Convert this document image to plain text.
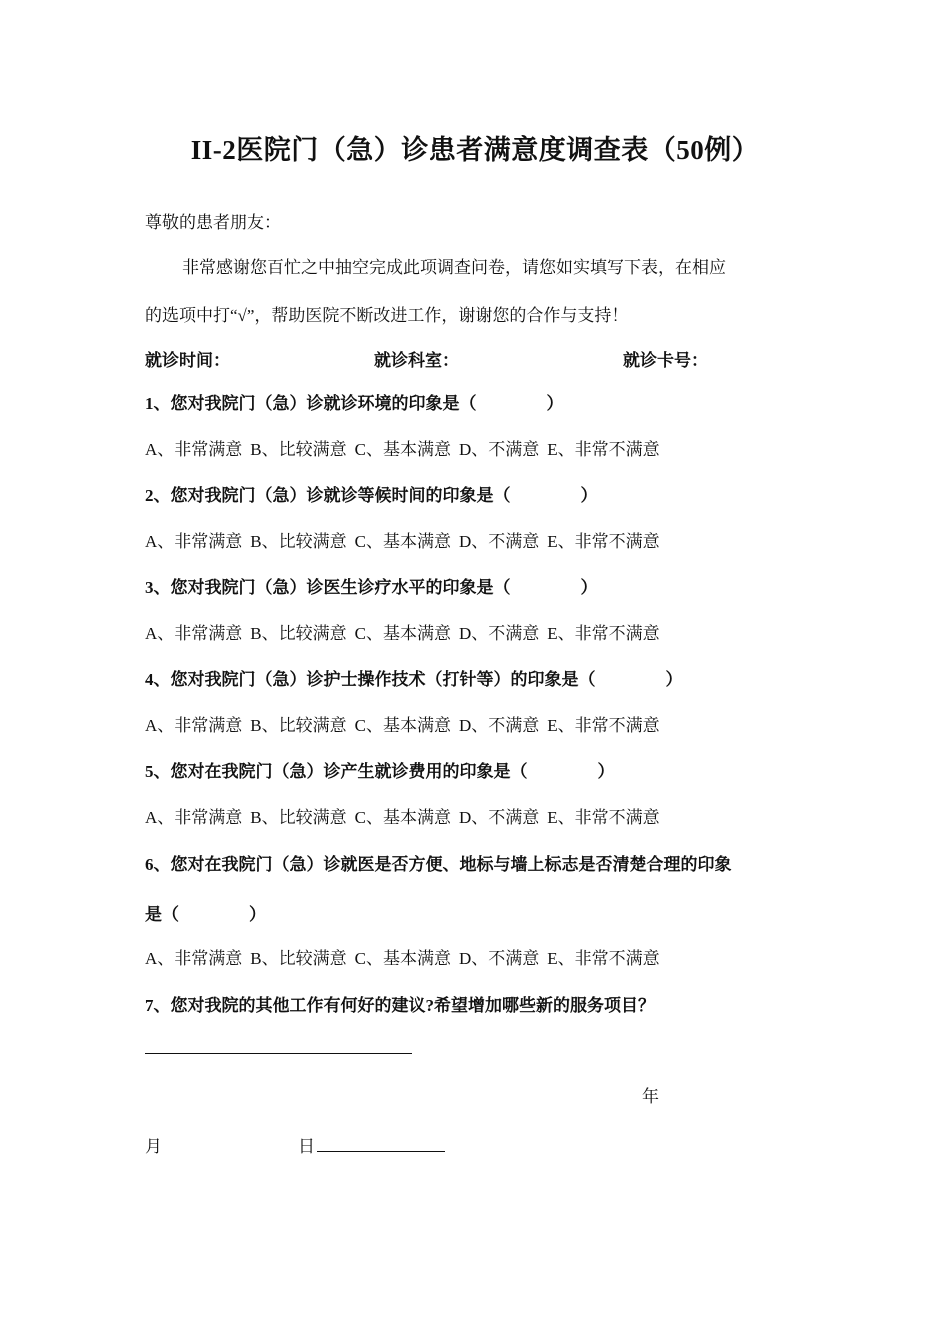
II-2医院门（急）诊患者满意度调查表（50例）
尊敬的患者朋友：
非常感谢您百忙之中抽空完成此项调查问卷，请您如实填写下表，在相应
的选项中打“√”，帮助医院不断改进工作，谢谢您的合作与支持！
就诊时间：	就诊科室：	就诊卡号：
1、您对我院门（急）诊就诊环境的印象是（	）
A、非常满意 B、比较满意 C、基本满意 D、不满意 E、非常不满意
2、您对我院门（急）诊就诊等候时间的印象是（	）
A、非常满意 B、比较满意 C、基本满意 D、不满意 E、非常不满意
3、您对我院门（急）诊医生诊疗水平的印象是（	）
A、非常满意 B、比较满意 C、基本满意 D、不满意 E、非常不满意
4、您对我院门（急）诊护士操作技术（打针等）的印象是（	）
A、非常满意 B、比较满意 C、基本满意 D、不满意 E、非常不满意
5、您对在我院门（急）诊产生就诊费用的印象是（	）
A、非常满意 B、比较满意 C、基本满意 D、不满意 E、非常不满意
6、您对在我院门（急）诊就医是否方便、地标与墙上标志是否清楚合理的印象
是（	）
A、非常满意 B、比较满意 C、基本满意 D、不满意 E、非常不满意
7、您对我院的其他工作有何好的建议?希望增加哪些新的服务项目？
年
月	日
